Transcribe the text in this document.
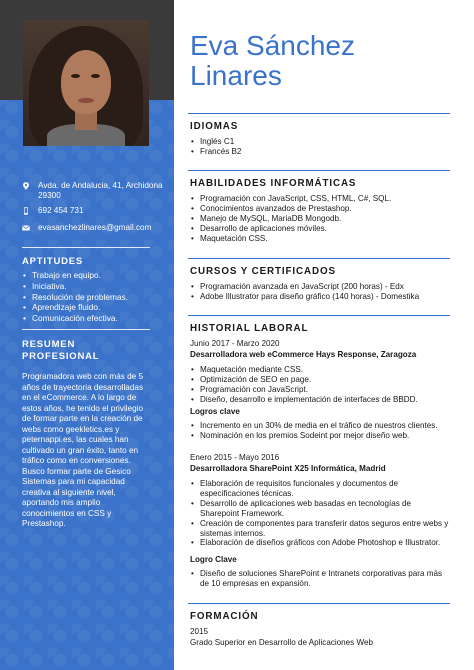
Avda. de Andalucia, 41, Archidona 29300
692 454 731
evasanchezlinares@gmail.com
APTITUDES
• Trabajo en equipo.
• Iniciativa.
• Resolución de problemas.
• Aprendizaje fluido.
• Comunicación efectiva.
RESUMEN
PROFESIONAL

Programadora web con más de 5 años de trayectoria desarrolladas en el eCommerce. A lo largo de estos años, he tenido el privilegio de formar parte en la creación de webs como geekletics.es y peternappi.es, las cuales han cultivado un gran éxito, tanto en tráfico como en conversiones. Busco formar parte de Gesico Sistemas para mi capacidad creativa al siguiente nivel, aportando mis amplio conocimientos en CSS y Prestashop.

Eva Sánchez
Linares
IDIOMAS
• Inglés C1
• Francés B2
HABILIDADES INFORMÁTICAS
• Programación con JavaScript, CSS, HTML, C#, SQL.
• Conocimientos avanzados de Prestashop.
• Manejo de MySQL, MariaDB Mongodb.
• Desarrollo de aplicaciones móviles.
• Maquetación CSS.
CURSOS Y CERTIFICADOS
• Programación avanzada en JavaScript (200 horas) - Edx
• Adobe Illustrator para diseño gráfico (140 horas) - Domestika
HISTORIAL LABORAL
Junio 2017 - Marzo 2020
Desarrolladora web eCommerce Hays Response, Zaragoza
• Maquetación mediante CSS.
• Optimización de SEO en page.
• Programación con JavaScript.
• Diseño, desarrollo e implementación de interfaces de BBDD.
Logros clave
• Incremento en un 30% de media en el tráfico de nuestros clientes.
• Nominación en los premios Sodeint por mejor diseño web.
Enero 2015 - Mayo 2016
Desarrolladora SharePoint X25 Informática, Madrid
• Elaboración de requisitos funcionales y documentos de especificaciones técnicas.
• Desarrollo de aplicaciones web basadas en tecnologías de Sharepoint Framework.
• Creación de componentes para transferir datos seguros entre webs y sistemas internos.
• Elaboración de diseños gráficos con Adobe Photoshop e Illustrator.
Logro Clave
• Diseño de soluciones SharePoint e Intranets corporativas para más de 10 empresas en expansión.
FORMACIÓN
2015
Grado Superior en Desarrollo de Aplicaciones Web
